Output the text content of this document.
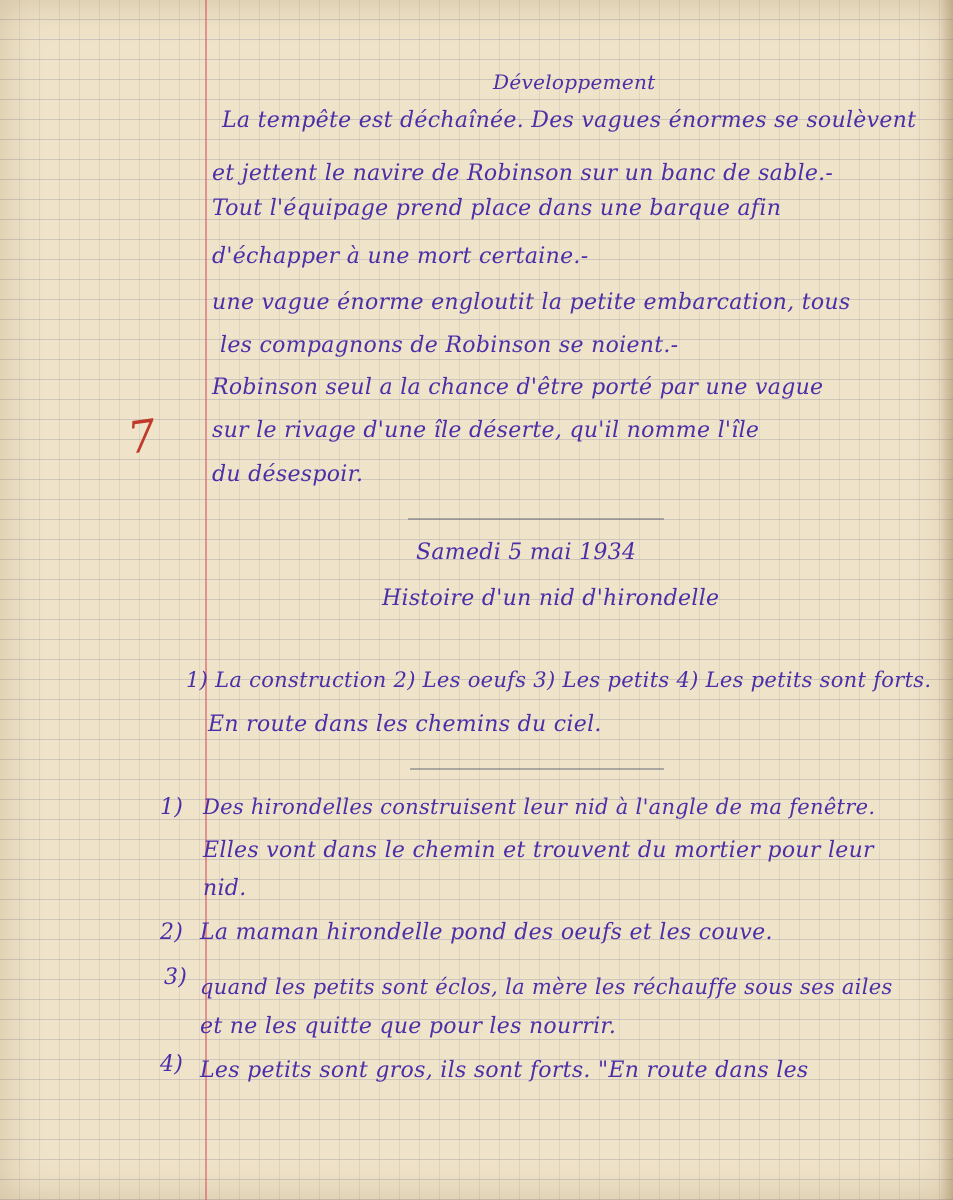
Développement
La tempête est déchaînée. Des vagues énormes se soulèvent
et jettent le navire de Robinson sur un banc de sable.-
Tout l'équipage prend place dans une barque afin
d'échapper à une mort certaine.-
une vague énorme engloutit la petite embarcation, tous
les compagnons de Robinson se noient.-
Robinson seul a la chance d'être porté par une vague
sur le rivage d'une île déserte, qu'il nomme l'île
du désespoir.
7
Samedi 5 mai 1934
Histoire d'un nid d'hirondelle
1) La construction 2) Les oeufs 3) Les petits 4) Les petits sont forts.
En route dans les chemins du ciel.
1) Des hirondelles construisent leur nid à l'angle de ma fenêtre.
Elles vont dans le chemin et trouvent du mortier pour leur
nid.
2) La maman hirondelle pond des oeufs et les couve.
3) quand les petits sont éclos, la mère les réchauffe sous ses ailes
et ne les quitte que pour les nourrir.
4) Les petits sont gros, ils sont forts. "En route dans les
